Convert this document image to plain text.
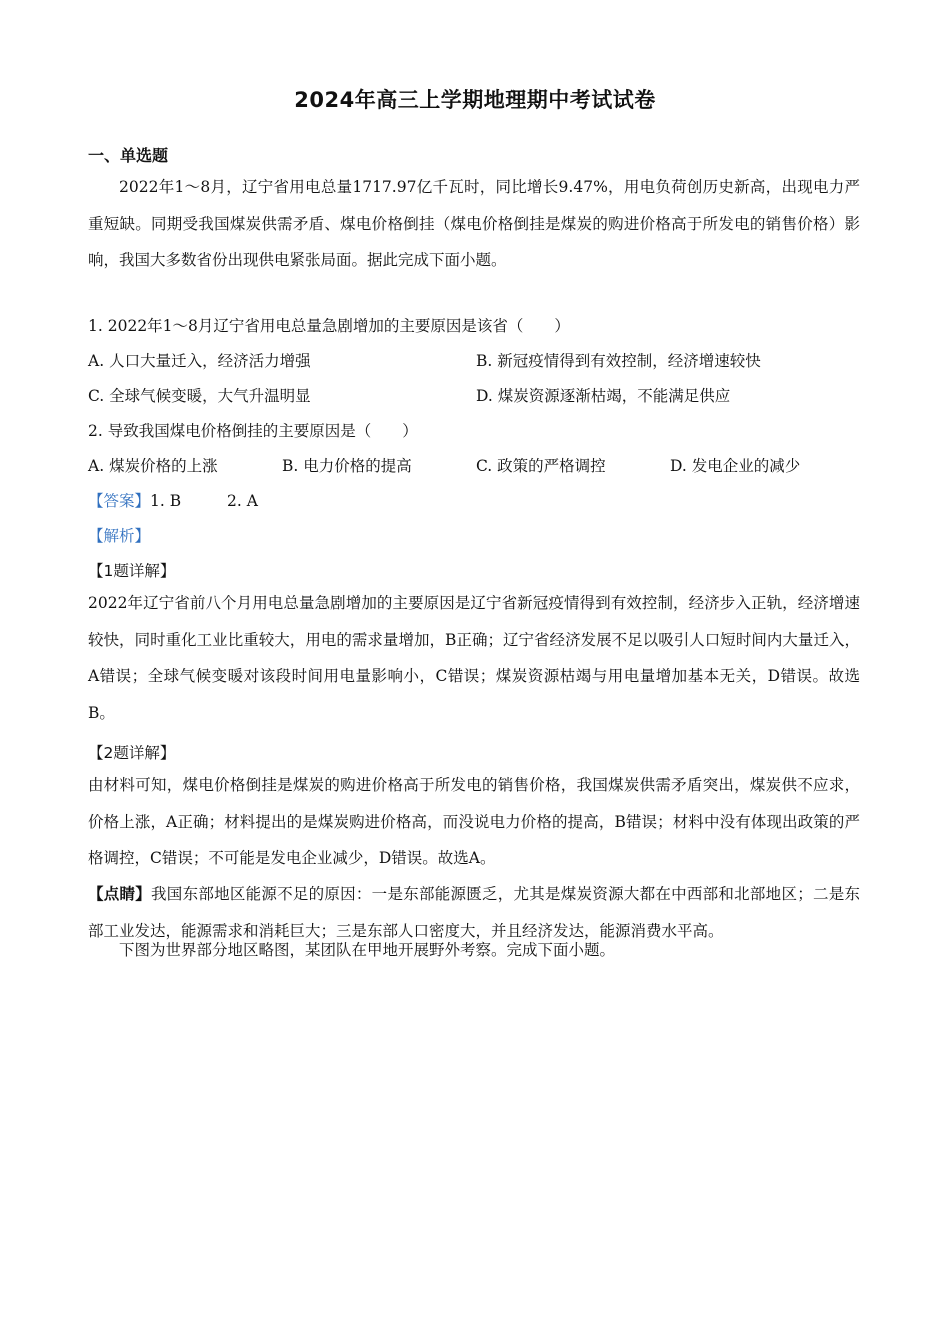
2024年高三上学期地理期中考试试卷
一、单选题
2022年1～8月，辽宁省用电总量1717.97亿千瓦时，同比增长9.47%，用电负荷创历史新高，出现电力严重短缺。同期受我国煤炭供需矛盾、煤电价格倒挂（煤电价格倒挂是煤炭的购进价格高于所发电的销售价格）影响，我国大多数省份出现供电紧张局面。据此完成下面小题。
1. 2022年1～8月辽宁省用电总量急剧增加的主要原因是该省（　　）
A. 人口大量迁入，经济活力增强	B. 新冠疫情得到有效控制，经济增速较快
C. 全球气候变暖，大气升温明显	D. 煤炭资源逐渐枯竭，不能满足供应
2. 导致我国煤电价格倒挂的主要原因是（　　）
A. 煤炭价格的上涨	B. 电力价格的提高	C. 政策的严格调控	D. 发电企业的减少
【答案】1. B	2. A
【解析】
【1题详解】
2022年辽宁省前八个月用电总量急剧增加的主要原因是辽宁省新冠疫情得到有效控制，经济步入正轨，经济增速较快，同时重化工业比重较大，用电的需求量增加，B正确；辽宁省经济发展不足以吸引人口短时间内大量迁入，A错误；全球气候变暖对该段时间用电量影响小，C错误；煤炭资源枯竭与用电量增加基本无关，D错误。故选B。
【2题详解】
由材料可知，煤电价格倒挂是煤炭的购进价格高于所发电的销售价格，我国煤炭供需矛盾突出，煤炭供不应求，价格上涨，A正确；材料提出的是煤炭购进价格高，而没说电力价格的提高，B错误；材料中没有体现出政策的严格调控，C错误；不可能是发电企业减少，D错误。故选A。
【点睛】我国东部地区能源不足的原因：一是东部能源匮乏，尤其是煤炭资源大都在中西部和北部地区；二是东部工业发达，能源需求和消耗巨大；三是东部人口密度大，并且经济发达，能源消费水平高。
下图为世界部分地区略图，某团队在甲地开展野外考察。完成下面小题。
